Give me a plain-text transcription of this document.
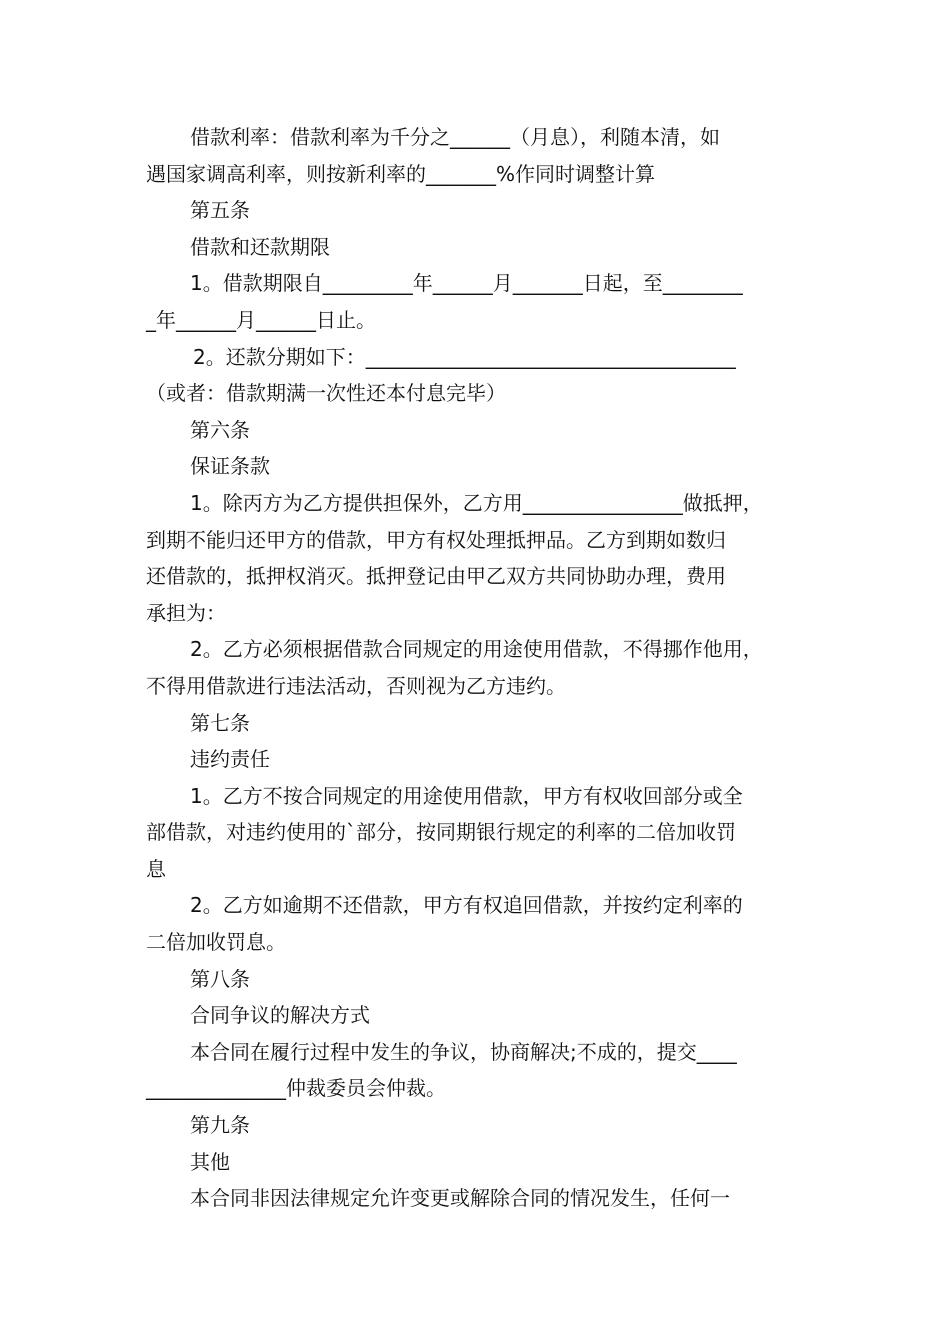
借款利率：借款利率为千分之______（月息），利随本清，如
遇国家调高利率，则按新利率的_______%作同时调整计算
第五条
借款和还款期限
1。借款期限自_________年______月_______日起，至________
_年______月______日止。
2。还款分期如下：_____________________________________
（或者：借款期满一次性还本付息完毕）
第六条
保证条款
1。除丙方为乙方提供担保外，乙方用________________做抵押，
到期不能归还甲方的借款，甲方有权处理抵押品。乙方到期如数归
还借款的，抵押权消灭。抵押登记由甲乙双方共同协助办理，费用
承担为：
2。乙方必须根据借款合同规定的用途使用借款，不得挪作他用，
不得用借款进行违法活动，否则视为乙方违约。
第七条
违约责任
1。乙方不按合同规定的用途使用借款，甲方有权收回部分或全
部借款，对违约使用的`部分，按同期银行规定的利率的二倍加收罚
息
2。乙方如逾期不还借款，甲方有权追回借款，并按约定利率的
二倍加收罚息。
第八条
合同争议的解决方式
本合同在履行过程中发生的争议，协商解决;不成的，提交____
______________仲裁委员会仲裁。
第九条
其他
本合同非因法律规定允许变更或解除合同的情况发生，任何一
